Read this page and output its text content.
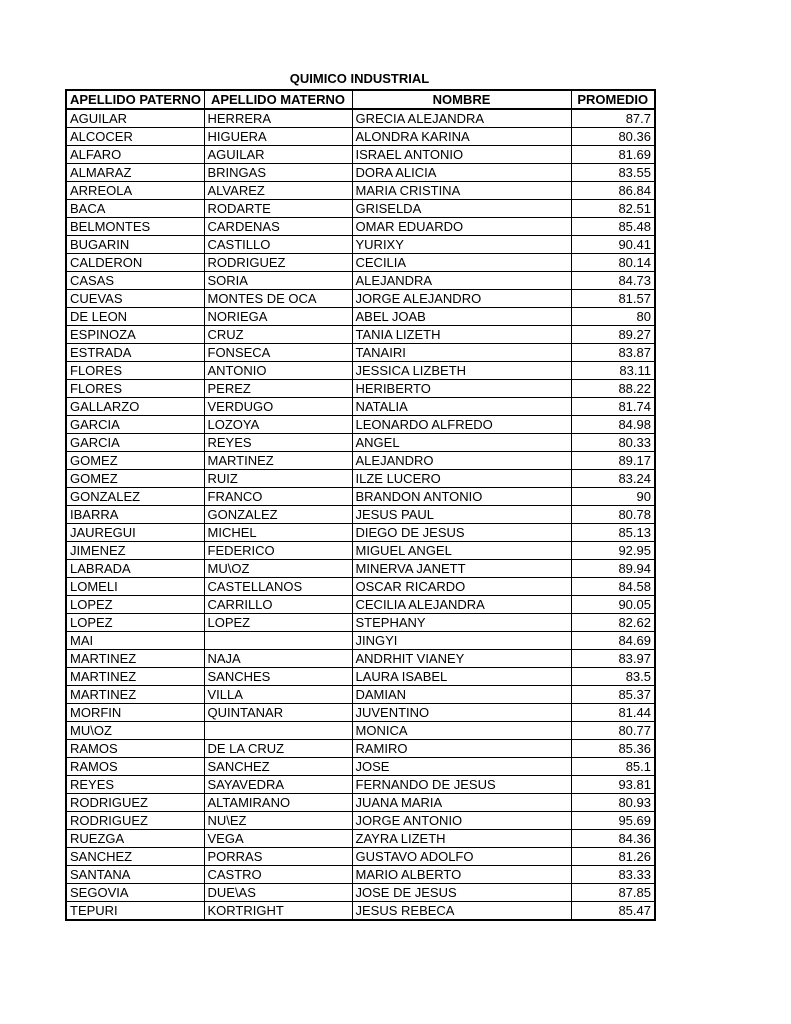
QUIMICO INDUSTRIAL
APELLIDO PATERNO	APELLIDO MATERNO	NOMBRE	PROMEDIO
AGUILAR	HERRERA	GRECIA ALEJANDRA	87.7
ALCOCER	HIGUERA	ALONDRA KARINA	80.36
ALFARO	AGUILAR	ISRAEL ANTONIO	81.69
ALMARAZ	BRINGAS	DORA ALICIA	83.55
ARREOLA	ALVAREZ	MARIA CRISTINA	86.84
BACA	RODARTE	GRISELDA	82.51
BELMONTES	CARDENAS	OMAR EDUARDO	85.48
BUGARIN	CASTILLO	YURIXY	90.41
CALDERON	RODRIGUEZ	CECILIA	80.14
CASAS	SORIA	ALEJANDRA	84.73
CUEVAS	MONTES DE OCA	JORGE ALEJANDRO	81.57
DE LEON	NORIEGA	ABEL JOAB	80
ESPINOZA	CRUZ	TANIA LIZETH	89.27
ESTRADA	FONSECA	TANAIRI	83.87
FLORES	ANTONIO	JESSICA LIZBETH	83.11
FLORES	PEREZ	HERIBERTO	88.22
GALLARZO	VERDUGO	NATALIA	81.74
GARCIA	LOZOYA	LEONARDO ALFREDO	84.98
GARCIA	REYES	ANGEL	80.33
GOMEZ	MARTINEZ	ALEJANDRO	89.17
GOMEZ	RUIZ	ILZE LUCERO	83.24
GONZALEZ	FRANCO	BRANDON ANTONIO	90
IBARRA	GONZALEZ	JESUS PAUL	80.78
JAUREGUI	MICHEL	DIEGO DE JESUS	85.13
JIMENEZ	FEDERICO	MIGUEL ANGEL	92.95
LABRADA	MU\OZ	MINERVA JANETT	89.94
LOMELI	CASTELLANOS	OSCAR RICARDO	84.58
LOPEZ	CARRILLO	CECILIA ALEJANDRA	90.05
LOPEZ	LOPEZ	STEPHANY	82.62
MAI		JINGYI	84.69
MARTINEZ	NAJA	ANDRHIT VIANEY	83.97
MARTINEZ	SANCHES	LAURA ISABEL	83.5
MARTINEZ	VILLA	DAMIAN	85.37
MORFIN	QUINTANAR	JUVENTINO	81.44
MU\OZ		MONICA	80.77
RAMOS	DE LA CRUZ	RAMIRO	85.36
RAMOS	SANCHEZ	JOSE	85.1
REYES	SAYAVEDRA	FERNANDO DE JESUS	93.81
RODRIGUEZ	ALTAMIRANO	JUANA MARIA	80.93
RODRIGUEZ	NU\EZ	JORGE ANTONIO	95.69
RUEZGA	VEGA	ZAYRA LIZETH	84.36
SANCHEZ	PORRAS	GUSTAVO ADOLFO	81.26
SANTANA	CASTRO	MARIO ALBERTO	83.33
SEGOVIA	DUE\AS	JOSE DE JESUS	87.85
TEPURI	KORTRIGHT	JESUS REBECA	85.47
